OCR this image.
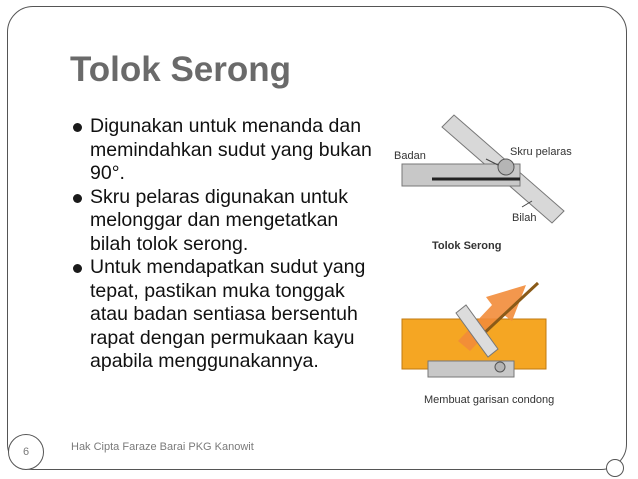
Tolok Serong
Digunakan untuk menanda dan memindahkan sudut yang bukan 90°.
Skru pelaras digunakan untuk melonggar dan mengetatkan bilah tolok serong.
Untuk mendapatkan sudut yang tepat, pastikan muka tonggak atau badan sentiasa bersentuh rapat dengan permukaan kayu apabila menggunakannya.
Badan	Skru pelaras
Bilah
Tolok Serong
Membuat garisan condong
Hak Cipta Faraze Barai PKG Kanowit
6
